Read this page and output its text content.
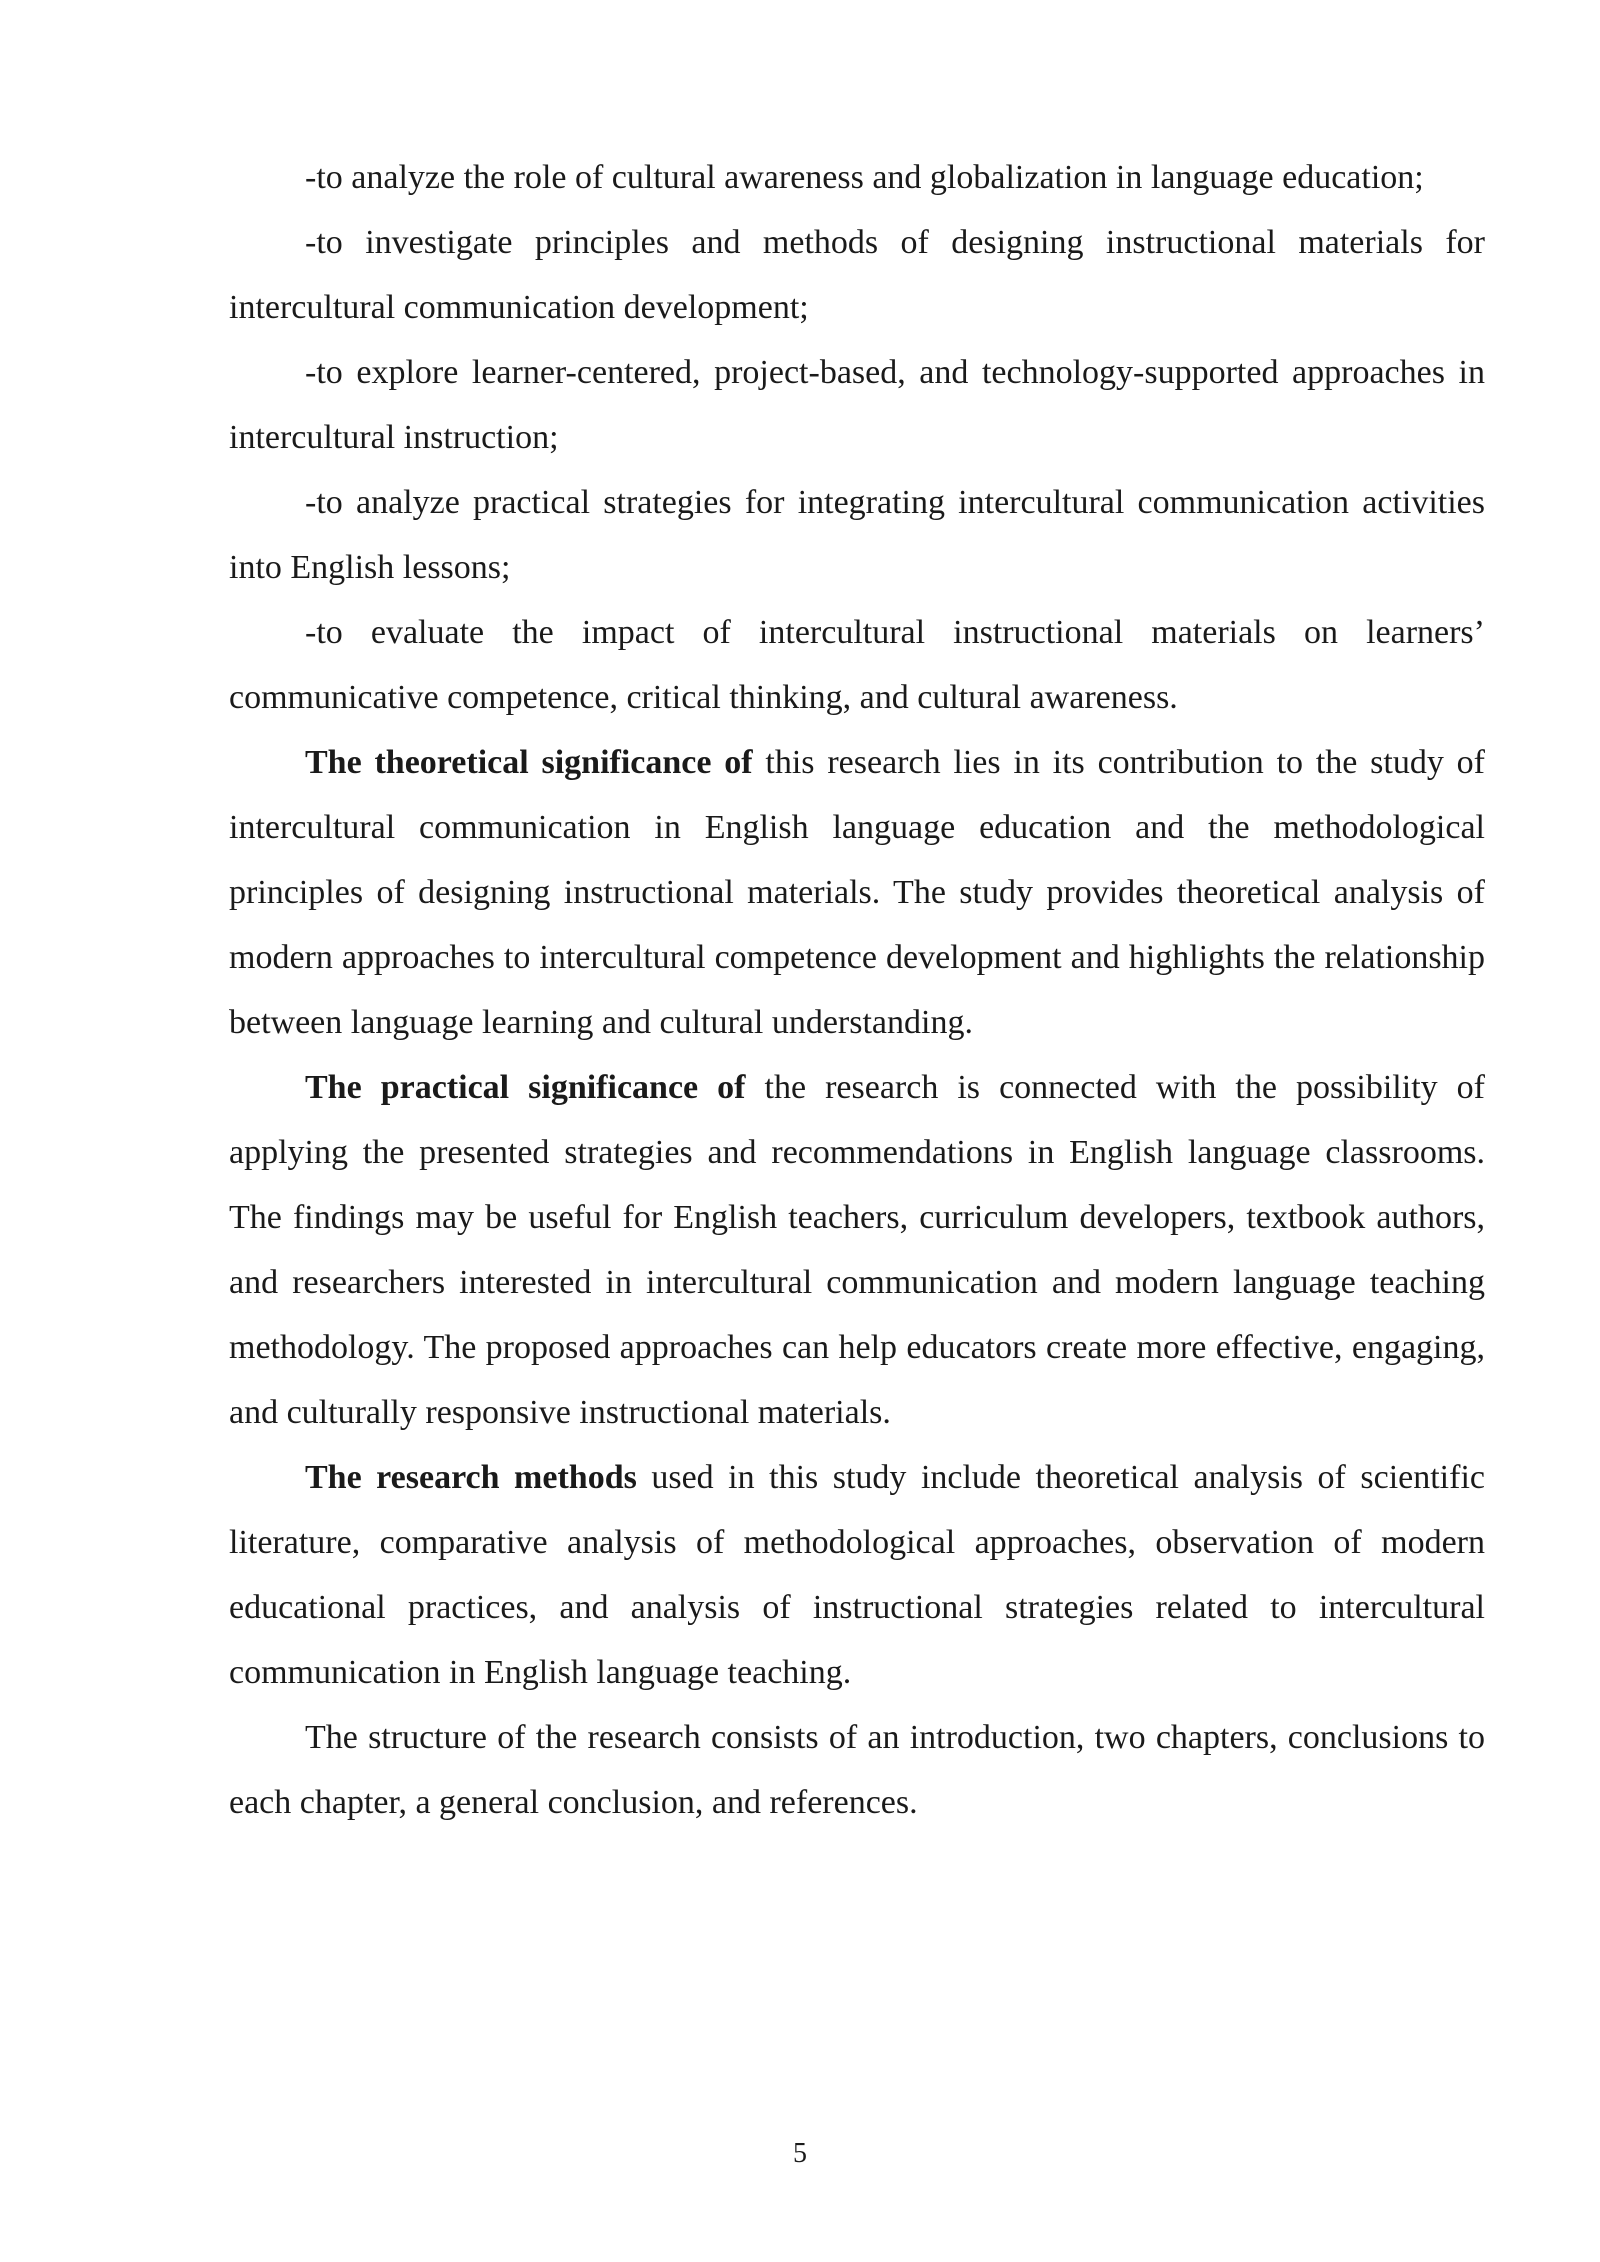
-to analyze the role of cultural awareness and globalization in language education;

-to investigate principles and methods of designing instructional materials for intercultural communication development;

-to explore learner-centered, project-based, and technology-supported approaches in intercultural instruction;

-to analyze practical strategies for integrating intercultural communication activities into English lessons;

-to evaluate the impact of intercultural instructional materials on learners’ communicative competence, critical thinking, and cultural awareness.

The theoretical significance of this research lies in its contribution to the study of intercultural communication in English language education and the methodological principles of designing instructional materials. The study provides theoretical analysis of modern approaches to intercultural competence development and highlights the relationship between language learning and cultural understanding.

The practical significance of the research is connected with the possibility of applying the presented strategies and recommendations in English language classrooms. The findings may be useful for English teachers, curriculum developers, textbook authors, and researchers interested in intercultural communication and modern language teaching methodology. The proposed approaches can help educators create more effective, engaging, and culturally responsive instructional materials.

The research methods used in this study include theoretical analysis of scientific literature, comparative analysis of methodological approaches, observation of modern educational practices, and analysis of instructional strategies related to intercultural communication in English language teaching.

The structure of the research consists of an introduction, two chapters, conclusions to each chapter, a general conclusion, and references.

5
